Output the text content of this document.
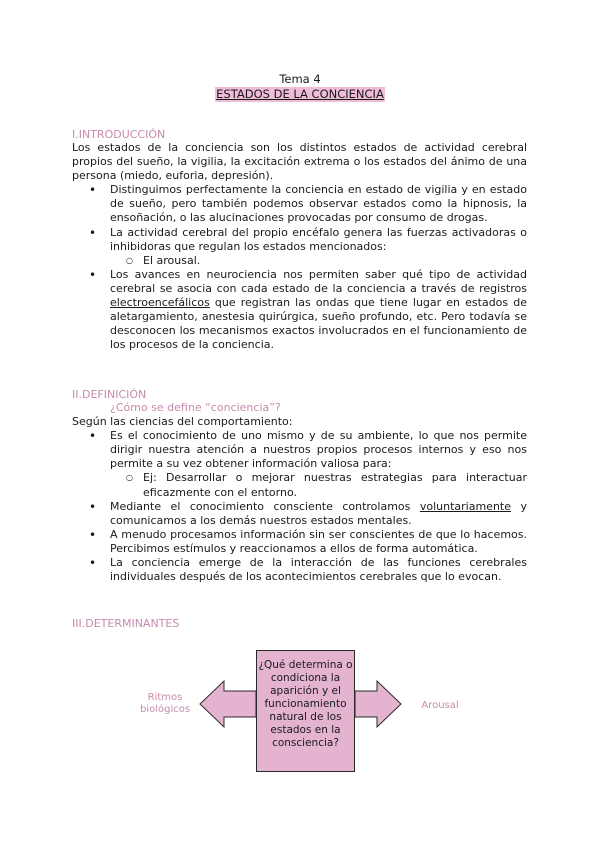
Tema 4
ESTADOS DE LA CONCIENCIA
I.INTRODUCCIÓN
Los estados de la conciencia son los distintos estados de actividad cerebral propios del sueño, la vigilia, la excitación extrema o los estados del ánimo de una persona (miedo, euforia, depresión).
• Distinguimos perfectamente la conciencia en estado de vigilia y en estado de sueño, pero también podemos observar estados como la hipnosis, la ensoñación, o las alucinaciones provocadas por consumo de drogas.
• La actividad cerebral del propio encéfalo genera las fuerzas activadoras o inhibidoras que regulan los estados mencionados:
○ El arousal.
• Los avances en neurociencia nos permiten saber qué tipo de actividad cerebral se asocia con cada estado de la conciencia a través de registros electroencefálicos que registran las ondas que tiene lugar en estados de aletargamiento, anestesia quirúrgica, sueño profundo, etc. Pero todavía se desconocen los mecanismos exactos involucrados en el funcionamiento de los procesos de la conciencia.
II.DEFINICIÓN
¿Cómo se define “conciencia”?
Según las ciencias del comportamiento:
• Es el conocimiento de uno mismo y de su ambiente, lo que nos permite dirigir nuestra atención a nuestros propios procesos internos y eso nos permite a su vez obtener información valiosa para:
○ Ej: Desarrollar o mejorar nuestras estrategias para interactuar eficazmente con el entorno.
• Mediante el conocimiento consciente controlamos voluntariamente y comunicamos a los demás nuestros estados mentales.
• A menudo procesamos información sin ser conscientes de que lo hacemos. Percibimos estímulos y reaccionamos a ellos de forma automática.
• La conciencia emerge de la interacción de las funciones cerebrales individuales después de los acontecimientos cerebrales que lo evocan.
III.DETERMINANTES
¿Qué determina o condiciona la aparición y el funcionamiento natural de los estados en la consciencia?
Ritmos biológicos	Arousal
